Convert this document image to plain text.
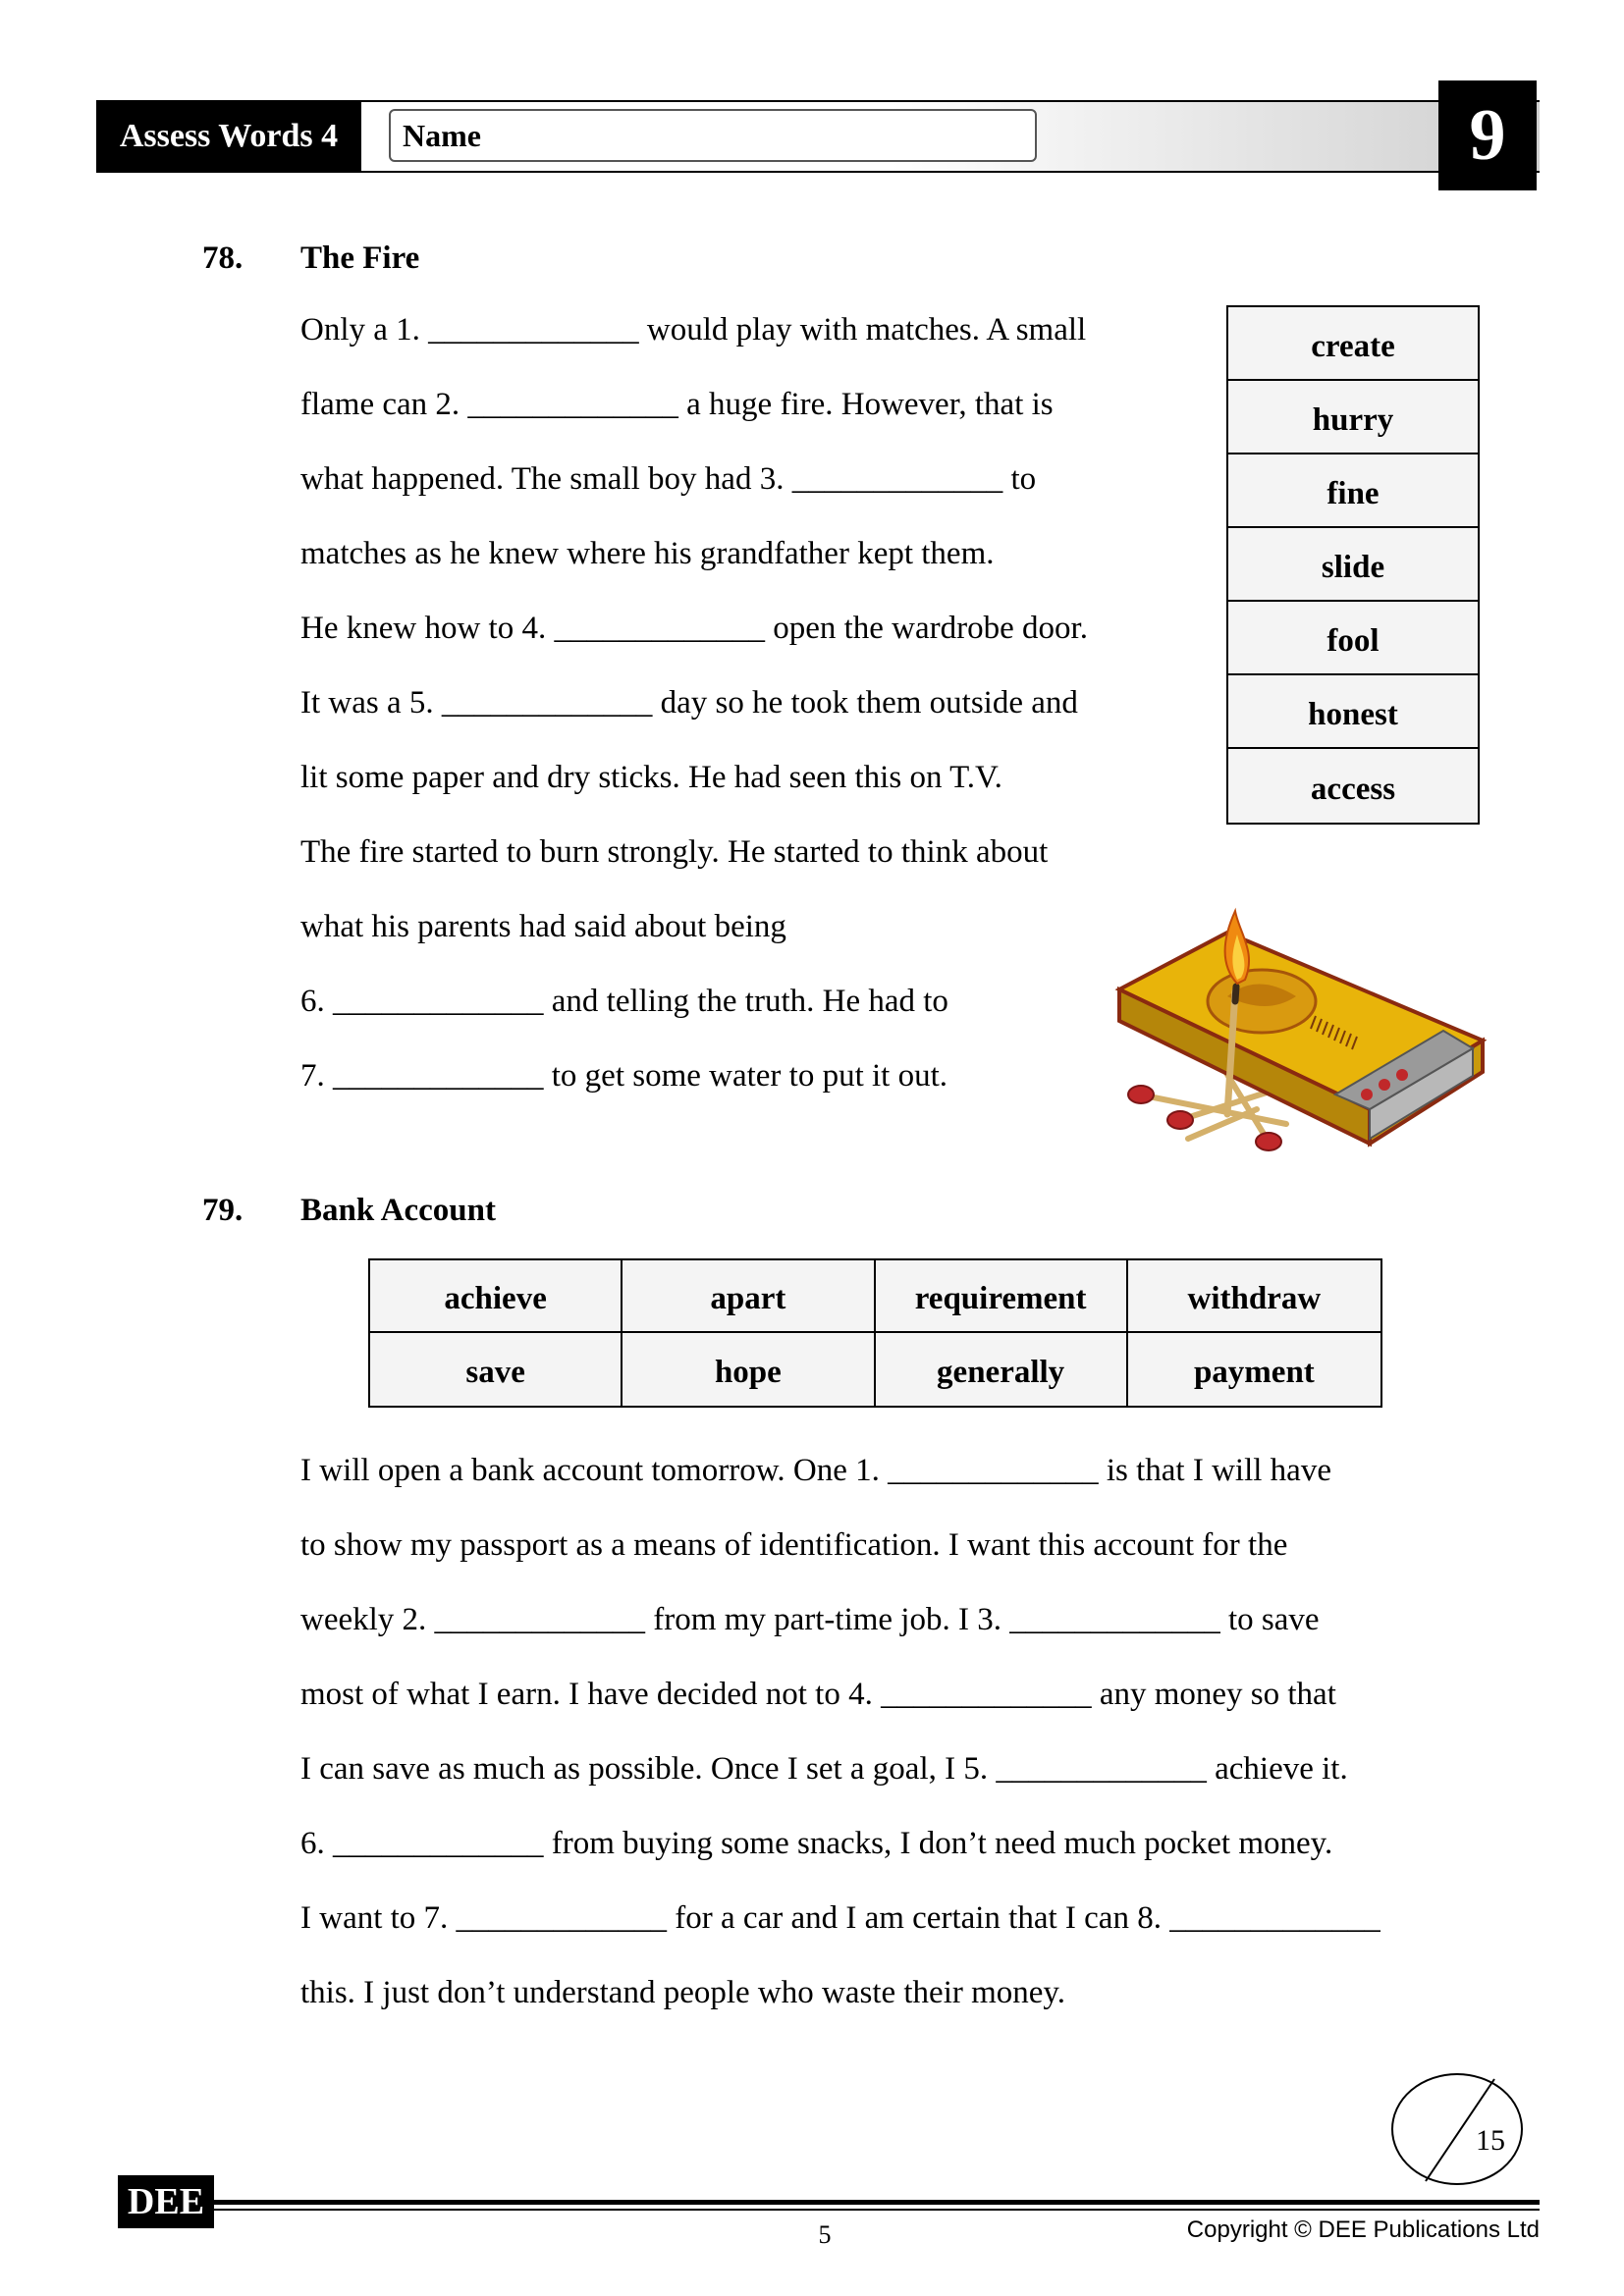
Assess Words 4	Name	9
78. The Fire
Only a 1. _____________ would play with matches. A small
flame can 2. _____________ a huge fire. However, that is
what happened. The small boy had 3. _____________ to
matches as he knew where his grandfather kept them.
He knew how to 4. _____________ open the wardrobe door.
It was a 5. _____________ day so he took them outside and
lit some paper and dry sticks. He had seen this on T.V.
The fire started to burn strongly. He started to think about
what his parents had said about being
6. _____________ and telling the truth. He had to
7. _____________ to get some water to put it out.
create
hurry
fine
slide
fool
honest
access
79. Bank Account
achieve	apart	requirement	withdraw
save	hope	generally	payment
I will open a bank account tomorrow. One 1. _____________ is that I will have
to show my passport as a means of identification. I want this account for the
weekly 2. _____________ from my part-time job. I 3. _____________ to save
most of what I earn. I have decided not to 4. _____________ any money so that
I can save as much as possible. Once I set a goal, I 5. _____________ achieve it.
6. _____________ from buying some snacks, I don’t need much pocket money.
I want to 7. _____________ for a car and I am certain that I can 8. _____________
this. I just don’t understand people who waste their money.
15
DEE
5	Copyright © DEE Publications Ltd
